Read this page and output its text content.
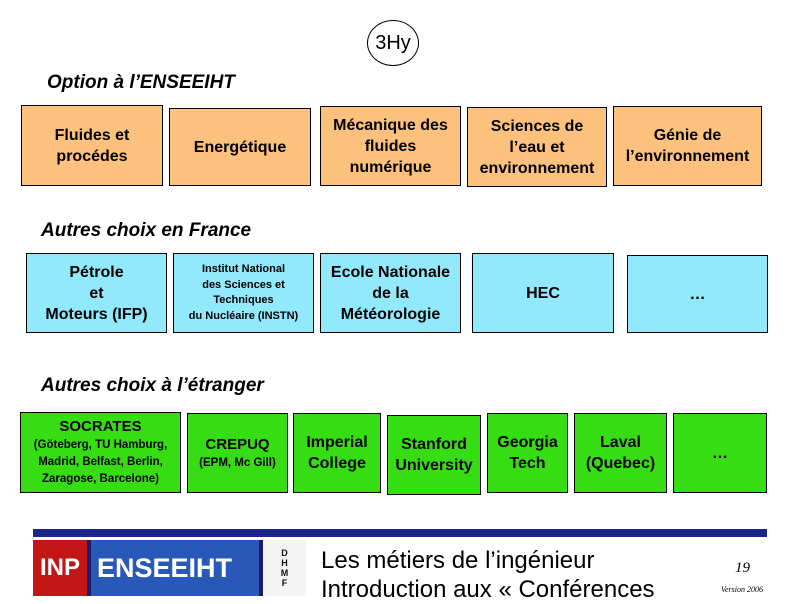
3Hy
Option à l’ENSEEIHT
Autres choix en France
Autres choix à l’étranger
Fluides et
procédes
Energétique
Mécanique des
fluides
numérique
Sciences de
l’eau et
environnement
Génie de
l’environnement
Pétrole
et
Moteurs (IFP)
Institut National
des Sciences et
Techniques
du Nucléaire (INSTN)
Ecole Nationale
de la
Météorologie
HEC	…
SOCRATES
(Göteberg, TU Hamburg,
Madrid, Belfast, Berlin,
Zaragose, Barcelone)
CREPUQ
(EPM, Mc Gill)
Imperial
College
Stanford
University
Georgia
Tech
Laval
(Quebec)
…
INP ENSEEIHT	D
H
M
F
Les métiers de l’ingénieur
Introduction aux « Conférences
19
Version 2006
